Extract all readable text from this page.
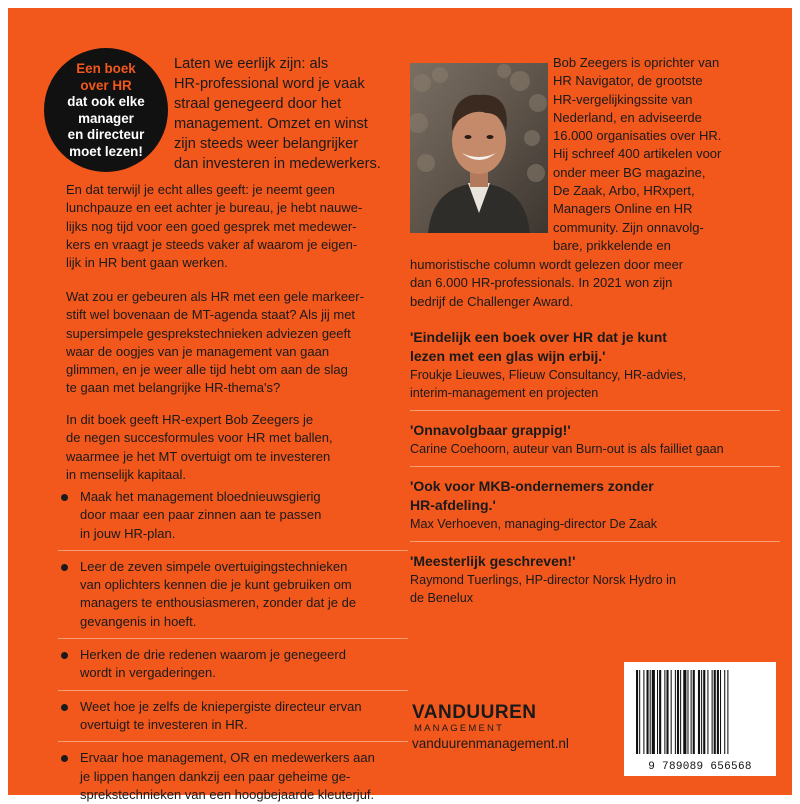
Een boek
over HR
dat ook elke
manager
en directeur
moet lezen!
Laten we eerlijk zijn: als
HR-professional word je vaak
straal genegeerd door het
management. Omzet en winst
zijn steeds weer belangrijker
dan investeren in medewerkers.
En dat terwijl je echt alles geeft: je neemt geen
lunchpauze en eet achter je bureau, je hebt nauwe-
lijks nog tijd voor een goed gesprek met medewer-
kers en vraagt je steeds vaker af waarom je eigen-
lijk in HR bent gaan werken.
Wat zou er gebeuren als HR met een gele markeer-
stift wel bovenaan de MT-agenda staat? Als jij met
supersimpele gesprekstechnieken adviezen geeft
waar de oogjes van je management van gaan
glimmen, en je weer alle tijd hebt om aan de slag
te gaan met belangrijke HR-thema's?
In dit boek geeft HR-expert Bob Zeegers je
de negen succesformules voor HR met ballen,
waarmee je het MT overtuigt om te investeren
in menselijk kapitaal.
Maak het management bloednieuwsgierig
door maar een paar zinnen aan te passen
in jouw HR-plan.
Leer de zeven simpele overtuigingstechnieken
van oplichters kennen die je kunt gebruiken om
managers te enthousiasmeren, zonder dat je de
gevangenis in hoeft.
Herken de drie redenen waarom je genegeerd
wordt in vergaderingen.
Weet hoe je zelfs de kniepergiste directeur ervan
overtuigt te investeren in HR.
Ervaar hoe management, OR en medewerkers aan
je lippen hangen dankzij een paar geheime ge-
sprekstechnieken van een hoogbejaarde kleuterjuf.
Bob Zeegers is oprichter van
HR Navigator, de grootste
HR-vergelijkingssite van
Nederland, en adviseerde
16.000 organisaties over HR.
Hij schreef 400 artikelen voor
onder meer BG magazine,
De Zaak, Arbo, HRxpert,
Managers Online en HR
community. Zijn onnavolg-
bare, prikkelende en
humoristische column wordt gelezen door meer
dan 6.000 HR-professionals. In 2021 won zijn
bedrijf de Challenger Award.
'Eindelijk een boek over HR dat je kunt
lezen met een glas wijn erbij.'
Froukje Lieuwes, Flieuw Consultancy, HR-advies,
interim-management en projecten
'Onnavolgbaar grappig!'
Carine Coehoorn, auteur van Burn-out is als failliet gaan
'Ook voor MKB-ondernemers zonder
HR-afdeling.'
Max Verhoeven, managing-director De Zaak
'Meesterlijk geschreven!'
Raymond Tuerlings, HP-director Norsk Hydro in
de Benelux
VANDUUREN
MANAGEMENT
vanduurenmanagement.nl
9 789089 656568
